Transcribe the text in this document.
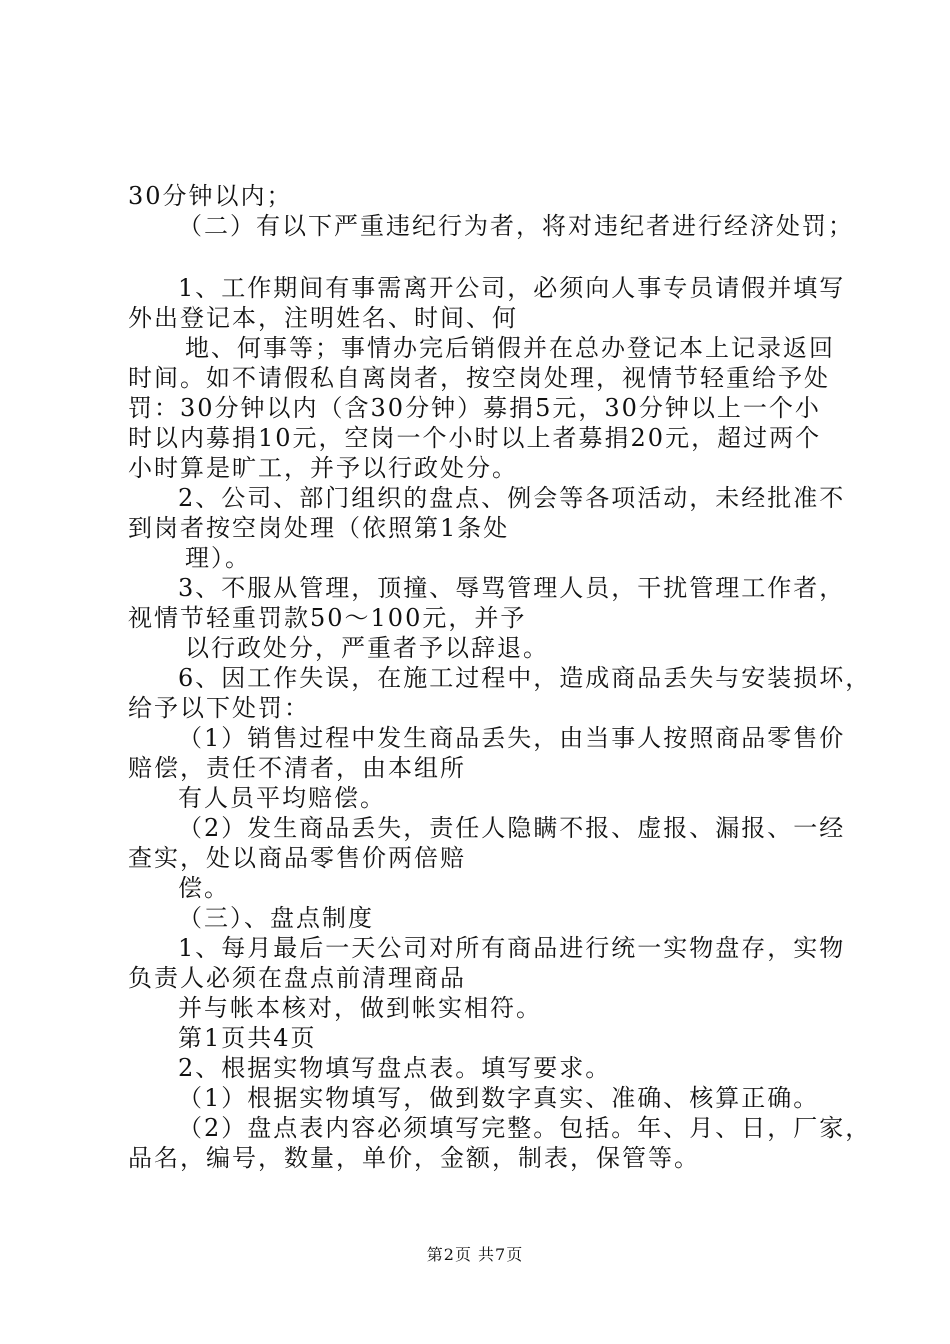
30分钟以内；
（二）有以下严重违纪行为者，将对违纪者进行经济处罚；
1、工作期间有事需离开公司，必须向人事专员请假并填写
外出登记本，注明姓名、时间、何
地、何事等；事情办完后销假并在总办登记本上记录返回
时间。如不请假私自离岗者，按空岗处理，视情节轻重给予处
罚：30分钟以内（含30分钟）募捐5元，30分钟以上一个小
时以内募捐10元，空岗一个小时以上者募捐20元，超过两个
小时算是旷工，并予以行政处分。
2、公司、部门组织的盘点、例会等各项活动，未经批准不
到岗者按空岗处理（依照第1条处
理）。
3、不服从管理，顶撞、辱骂管理人员，干扰管理工作者，
视情节轻重罚款50～100元，并予
以行政处分，严重者予以辞退。
6、因工作失误，在施工过程中，造成商品丢失与安装损坏，
给予以下处罚：
（1）销售过程中发生商品丢失，由当事人按照商品零售价
赔偿，责任不清者，由本组所
有人员平均赔偿。
（2）发生商品丢失，责任人隐瞒不报、虚报、漏报、一经
查实，处以商品零售价两倍赔
偿。
（三）、盘点制度
1、每月最后一天公司对所有商品进行统一实物盘存，实物
负责人必须在盘点前清理商品
并与帐本核对，做到帐实相符。
第1页共4页
2、根据实物填写盘点表。填写要求。
（1）根据实物填写，做到数字真实、准确、核算正确。
（2）盘点表内容必须填写完整。包括。年、月、日，厂家，
品名，编号，数量，单价，金额，制表，保管等。
第2页 共7页
